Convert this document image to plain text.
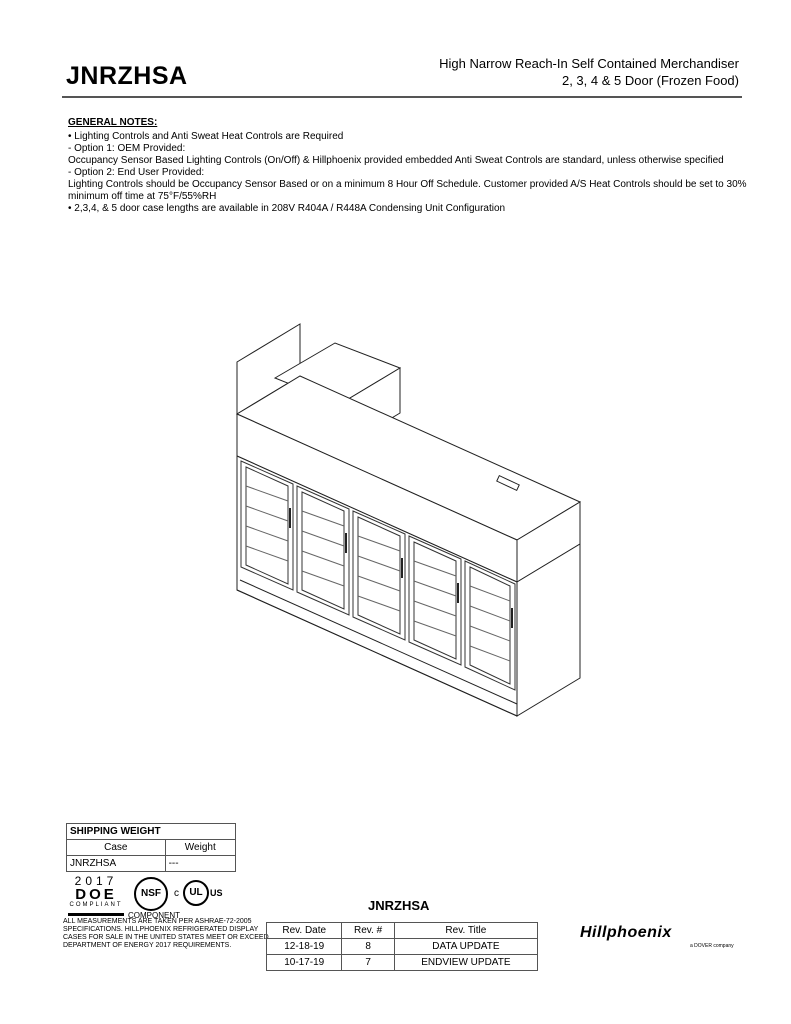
JNRZHSA	High Narrow Reach-In Self Contained Merchandiser
2, 3, 4 & 5 Door (Frozen Food)
GENERAL NOTES:

• Lighting Controls and Anti Sweat Heat Controls are Required

- Option 1: OEM Provided:

Occupancy Sensor Based Lighting Controls (On/Off) & Hillphoenix provided embedded Anti Sweat Controls are standard, unless otherwise specified

- Option 2: End User Provided:

Lighting Controls should be Occupancy Sensor Based or on a minimum 8 Hour Off Schedule. Customer provided A/S Heat Controls should be set to 30% minimum off time at 75°F/55%RH

• 2,3,4, & 5 door case lengths are available in 208V R404A / R448A Condensing Unit Configuration

SHIPPING WEIGHT	
Case	Weight
JNRZHSA	---
2017
DOE
COMPLIANT
COMPONENT
NSF	c	UL US
ALL MEASUREMENTS ARE TAKEN PER ASHRAE-72-2005 SPECIFICATIONS. HILLPHOENIX REFRIGERATED DISPLAY CASES FOR SALE IN THE UNITED STATES MEET OR EXCEED DEPARTMENT OF ENERGY 2017 REQUIREMENTS.
JNRZHSA
Rev. Date	Rev. #	Rev. Title
12-18-19	8	DATA UPDATE
10-17-19	7	ENDVIEW UPDATE
Hillphoenix
a DOVER company
